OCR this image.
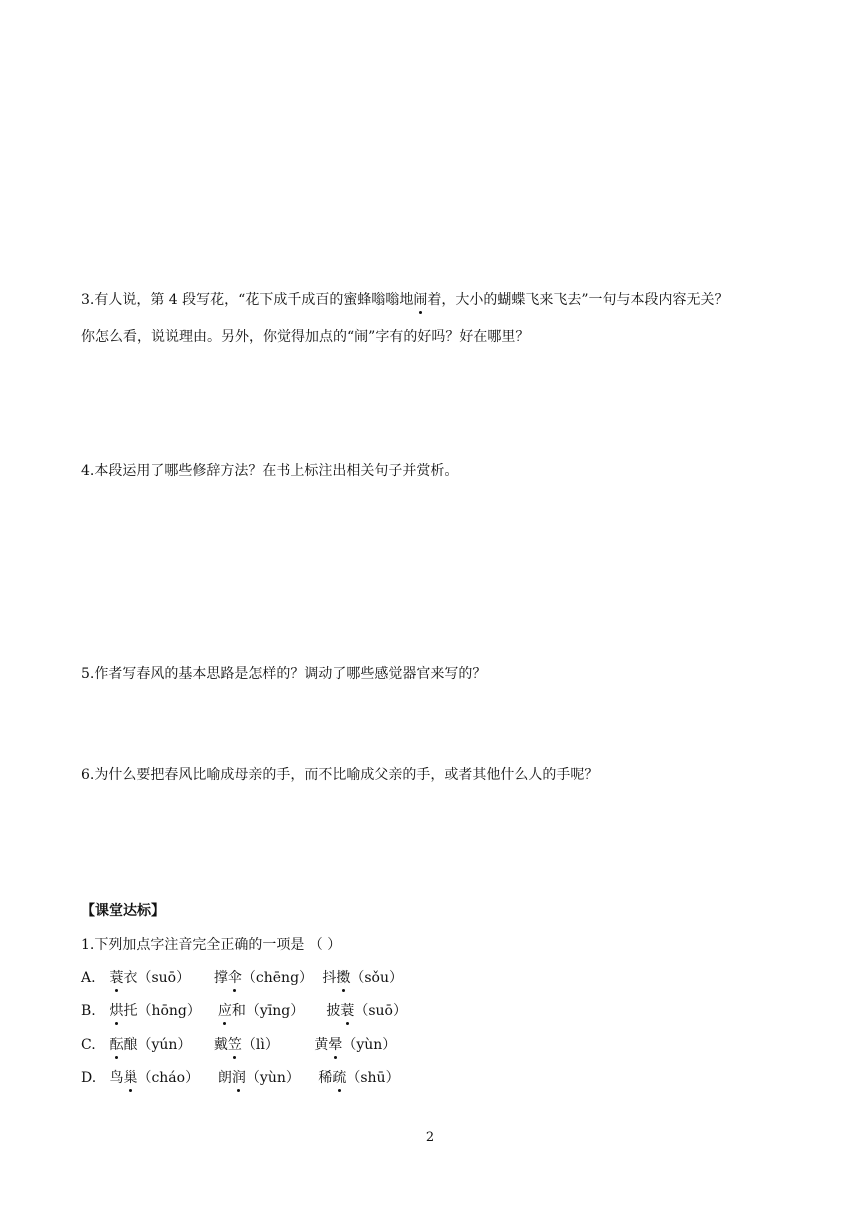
3.有人说，第 4 段写花，“花下成千成百的蜜蜂嗡嗡地闹着，大小的蝴蝶飞来飞去”一句与本段内容无关？
你怎么看，说说理由。另外，你觉得加点的“闹”字有的好吗？好在哪里？
4.本段运用了哪些修辞方法？在书上标注出相关句子并赏析。
5.作者写春风的基本思路是怎样的？调动了哪些感觉器官来写的？
6.为什么要把春风比喻成母亲的手，而不比喻成父亲的手，或者其他什么人的手呢？
【课堂达标】
1.下列加点字注音完全正确的一项是 （ ）
A. 蓑衣（suō） 撑伞（chēng） 抖擞（sǒu）
B. 烘托（hōng） 应和（yīng） 披蓑（suō）
C. 酝酿（yún） 戴笠（lì）	黄晕（yùn）
D. 鸟巢（cháo） 朗润（yùn） 稀疏（shū）
2
